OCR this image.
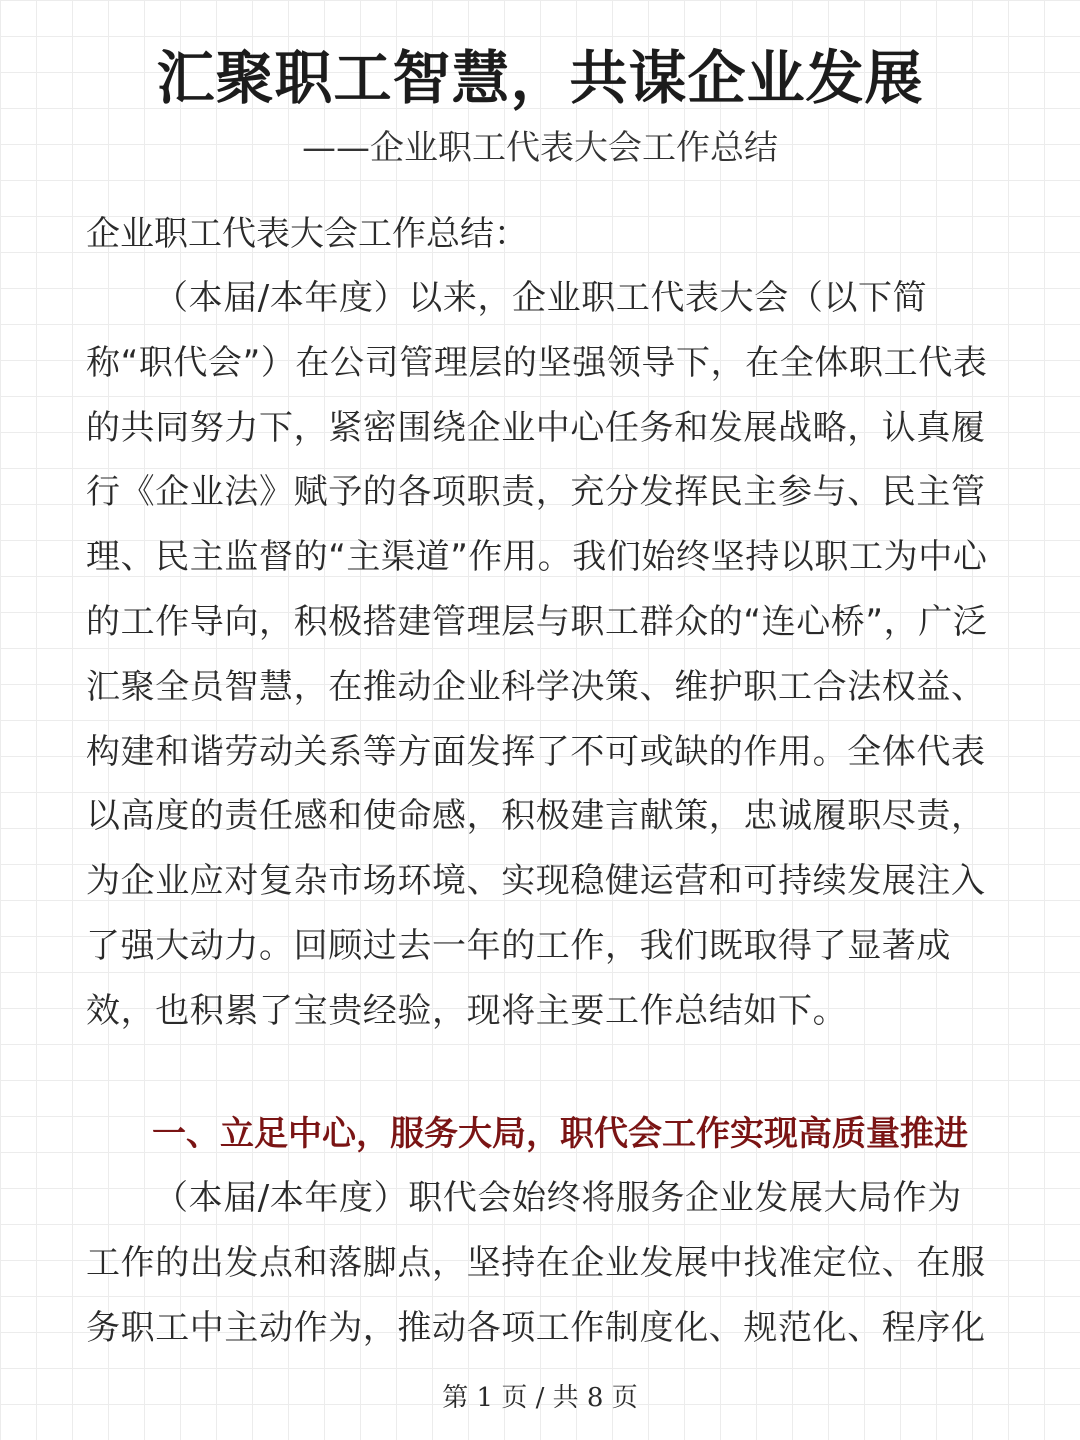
汇聚职工智慧，共谋企业发展
——企业职工代表大会工作总结
企业职工代表大会工作总结：
（本届/本年度）以来，企业职工代表大会（以下简称“职代会”）在公司管理层的坚强领导下，在全体职工代表的共同努力下，紧密围绕企业中心任务和发展战略，认真履行《企业法》赋予的各项职责，充分发挥民主参与、民主管理、民主监督的“主渠道”作用。我们始终坚持以职工为中心的工作导向，积极搭建管理层与职工群众的“连心桥”，广泛汇聚全员智慧，在推动企业科学决策、维护职工合法权益、构建和谐劳动关系等方面发挥了不可或缺的作用。全体代表以高度的责任感和使命感，积极建言献策，忠诚履职尽责，为企业应对复杂市场环境、实现稳健运营和可持续发展注入了强大动力。回顾过去一年的工作，我们既取得了显著成效，也积累了宝贵经验，现将主要工作总结如下。
一、立足中心，服务大局，职代会工作实现高质量推进
（本届/本年度）职代会始终将服务企业发展大局作为工作的出发点和落脚点，坚持在企业发展中找准定位、在服务职工中主动作为，推动各项工作制度化、规范化、程序化
第 1 页 / 共 8 页
